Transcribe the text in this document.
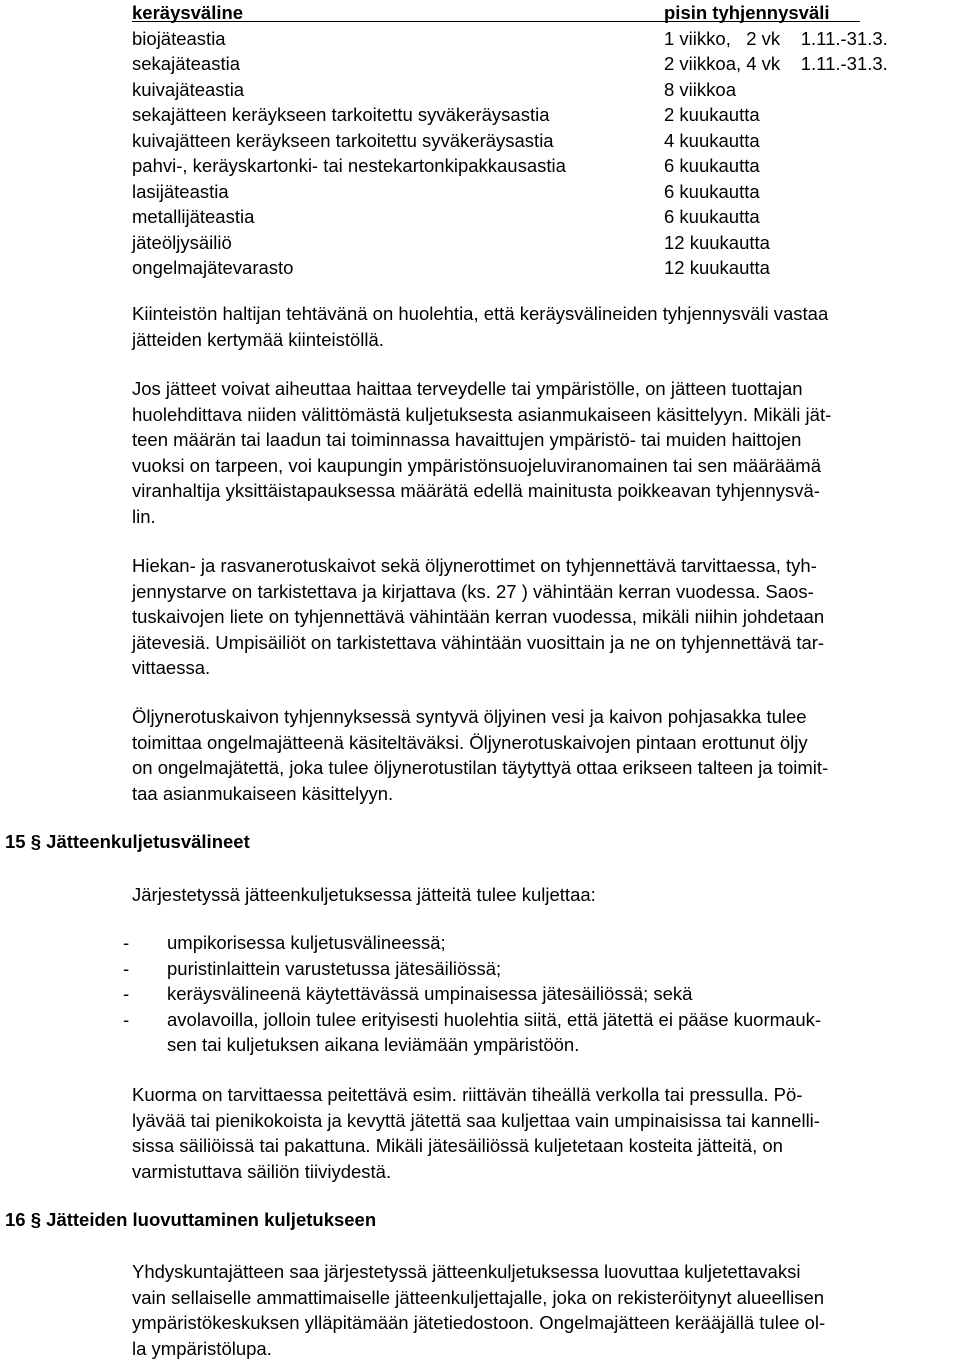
keräysväline	pisin tyhjennysväli
biojäteastia	1 viikko,   2 vk    1.11.-31.3.
sekajäteastia	2 viikkoa, 4 vk    1.11.-31.3.
kuivajäteastia	8 viikkoa
sekajätteen keräykseen tarkoitettu syväkeräysastia	2 kuukautta
kuivajätteen keräykseen tarkoitettu syväkeräysastia	4 kuukautta
pahvi-, keräyskartonki- tai nestekartonkipakkausastia	6 kuukautta
lasijäteastia	6 kuukautta
metallijäteastia	6 kuukautta
jäteöljysäiliö	12 kuukautta
ongelmajätevarasto	12 kuukautta

Kiinteistön haltijan tehtävänä on huolehtia, että keräysvälineiden tyhjennysväli vastaa
jätteiden kertymää kiinteistöllä.

Jos jätteet voivat aiheuttaa haittaa terveydelle tai ympäristölle, on jätteen tuottajan
huolehdittava niiden välittömästä kuljetuksesta asianmukaiseen käsittelyyn. Mikäli jät-
teen määrän tai laadun tai toiminnassa havaittujen ympäristö- tai muiden haittojen
vuoksi on tarpeen, voi kaupungin ympäristönsuojeluviranomainen tai sen määräämä
viranhaltija yksittäistapauksessa määrätä edellä mainitusta poikkeavan tyhjennysvä-
lin.

Hiekan- ja rasvanerotuskaivot sekä öljynerottimet on tyhjennettävä tarvittaessa, tyh-
jennystarve on tarkistettava ja kirjattava (ks. 27 ) vähintään kerran vuodessa. Saos-
tuskaivojen liete on tyhjennettävä vähintään kerran vuodessa, mikäli niihin johdetaan
jätevesiä. Umpisäiliöt on tarkistettava vähintään vuosittain ja ne on tyhjennettävä tar-
vittaessa.

Öljynerotuskaivon tyhjennyksessä syntyvä öljyinen vesi ja kaivon pohjasakka tulee
toimittaa ongelmajätteenä käsiteltäväksi. Öljynerotuskaivojen pintaan erottunut öljy
on ongelmajätettä, joka tulee öljynerotustilan täytyttyä ottaa erikseen talteen ja toimit-
taa asianmukaiseen käsittelyyn.

15 § Jätteenkuljetusvälineet

Järjestetyssä jätteenkuljetuksessa jätteitä tulee kuljettaa:

- umpikorisessa kuljetusvälineessä;
- puristinlaittein varustetussa jätesäiliössä;
- keräysvälineenä käytettävässä umpinaisessa jätesäiliössä; sekä
- avolavoilla, jolloin tulee erityisesti huolehtia siitä, että jätettä ei pääse kuormauk-
sen tai kuljetuksen aikana leviämään ympäristöön.

Kuorma on tarvittaessa peitettävä esim. riittävän tiheällä verkolla tai pressulla. Pö-
lyävää tai pienikokoista ja kevyttä jätettä saa kuljettaa vain umpinaisissa tai kannelli-
sissa säiliöissä tai pakattuna. Mikäli jätesäiliössä kuljetetaan kosteita jätteitä, on
varmistuttava säiliön tiiviydestä.

16 § Jätteiden luovuttaminen kuljetukseen

Yhdyskuntajätteen saa järjestetyssä jätteenkuljetuksessa luovuttaa kuljetettavaksi
vain sellaiselle ammattimaiselle jätteenkuljettajalle, joka on rekisteröitynyt alueellisen
ympäristökeskuksen ylläpitämään jätetiedostoon. Ongelmajätteen kerääjällä tulee ol-
la ympäristölupa.
